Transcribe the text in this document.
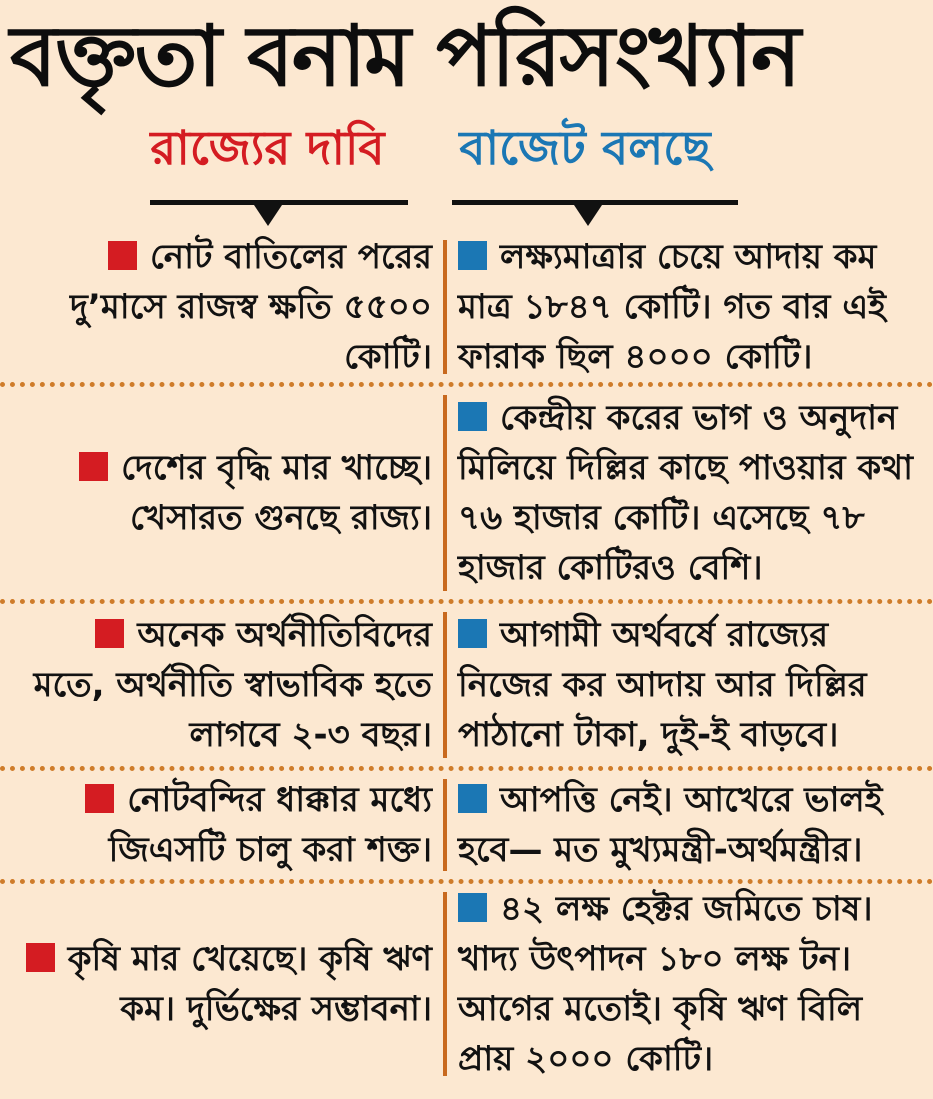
বক্তৃতা বনাম পরিসংখ্যান
রাজ্যের দাবি	বাজেট বলছে
নোট বাতিলের পরের দু’মাসে রাজস্ব ক্ষতি ৫৫০০ কোটি।
লক্ষ্যমাত্রার চেয়ে আদায় কম মাত্র ১৮৪৭ কোটি। গত বার এই ফারাক ছিল ৪০০০ কোটি।
দেশের বৃদ্ধি মার খাচ্ছে। খেসারত গুনছে রাজ্য।
কেন্দ্রীয় করের ভাগ ও অনুদান মিলিয়ে দিল্লির কাছে পাওয়ার কথা ৭৬ হাজার কোটি। এসেছে ৭৮ হাজার কোটিরও বেশি।
অনেক অর্থনীতিবিদের মতে, অর্থনীতি স্বাভাবিক হতে লাগবে ২-৩ বছর।
আগামী অর্থবর্ষে রাজ্যের নিজের কর আদায় আর দিল্লির পাঠানো টাকা, দুই-ই বাড়বে।
নোটবন্দির ধাক্কার মধ্যে জিএসটি চালু করা শক্ত।
আপত্তি নেই। আখেরে ভালই হবে— মত মুখ্যমন্ত্রী-অর্থমন্ত্রীর।
কৃষি মার খেয়েছে। কৃষি ঋণ কম। দুর্ভিক্ষের সম্ভাবনা।
৪২ লক্ষ হেক্টর জমিতে চাষ। খাদ্য উৎপাদন ১৮০ লক্ষ টন। আগের মতোই। কৃষি ঋণ বিলি প্রায় ২০০০ কোটি।
